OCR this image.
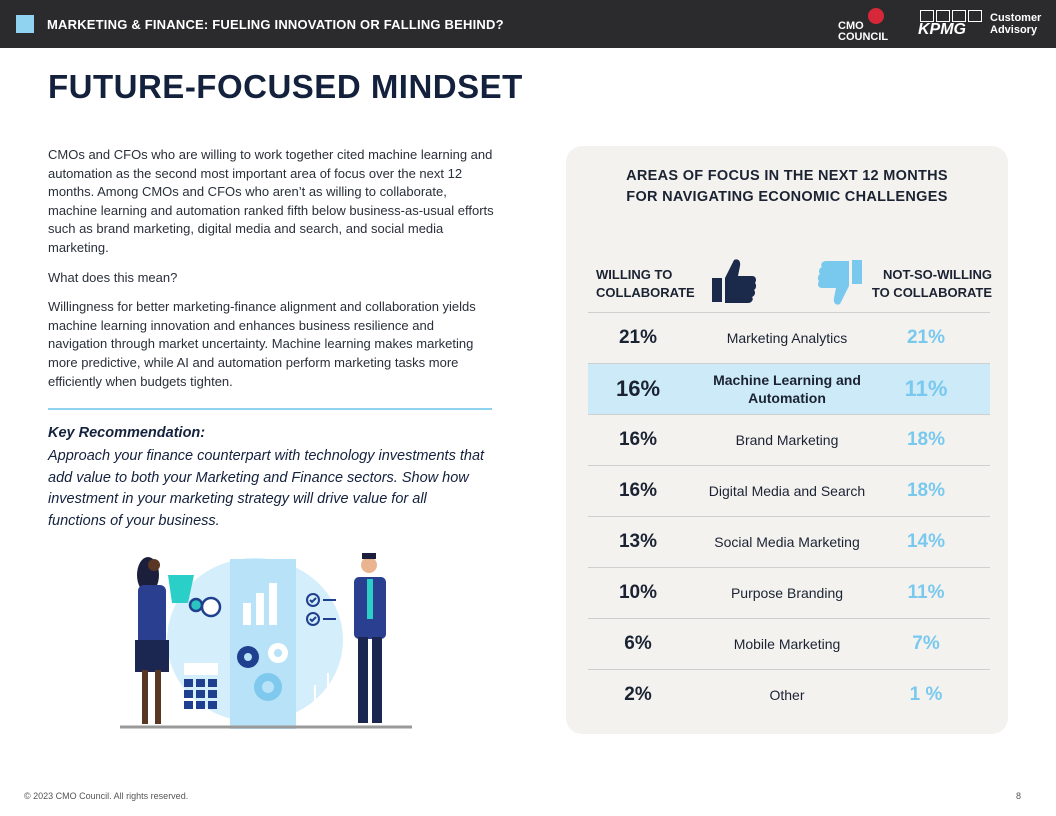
MARKETING & FINANCE: FUELING INNOVATION OR FALLING BEHIND?	CMO
COUNCIL KPMG
Customer
Advisory
FUTURE-FOCUSED MINDSET

CMOs and CFOs who are willing to work together cited machine learning and automation as the second most important area of focus over the next 12 months. Among CMOs and CFOs who aren’t as willing to collaborate, machine learning and automation ranked fifth below business-as-usual efforts such as brand marketing, digital media and search, and social media marketing.

What does this mean?

Willingness for better marketing-finance alignment and collaboration yields machine learning innovation and enhances business resilience and navigation through market uncertainty. Machine learning makes marketing more predictive, while AI and automation perform marketing tasks more efficiently when budgets tighten.

Key Recommendation:
Approach your finance counterpart with technology investments that add value to both your Marketing and Finance sectors. Show how investment in your marketing strategy will drive value for all functions of your business.
© 2023 CMO Council. All rights reserved.	8
AREAS OF FOCUS IN THE NEXT 12 MONTHS
FOR NAVIGATING ECONOMIC CHALLENGES
WILLING TO
COLLABORATE
NOT-SO-WILLING
TO COLLABORATE
21%	Marketing Analytics	21%
16%	Machine Learning and Automation	11%
16%	Brand Marketing	18%
16%	Digital Media and Search	18%
13%	Social Media Marketing	14%
10%	Purpose Branding	11%
6%	Mobile Marketing	7%
2%	Other	1 %
